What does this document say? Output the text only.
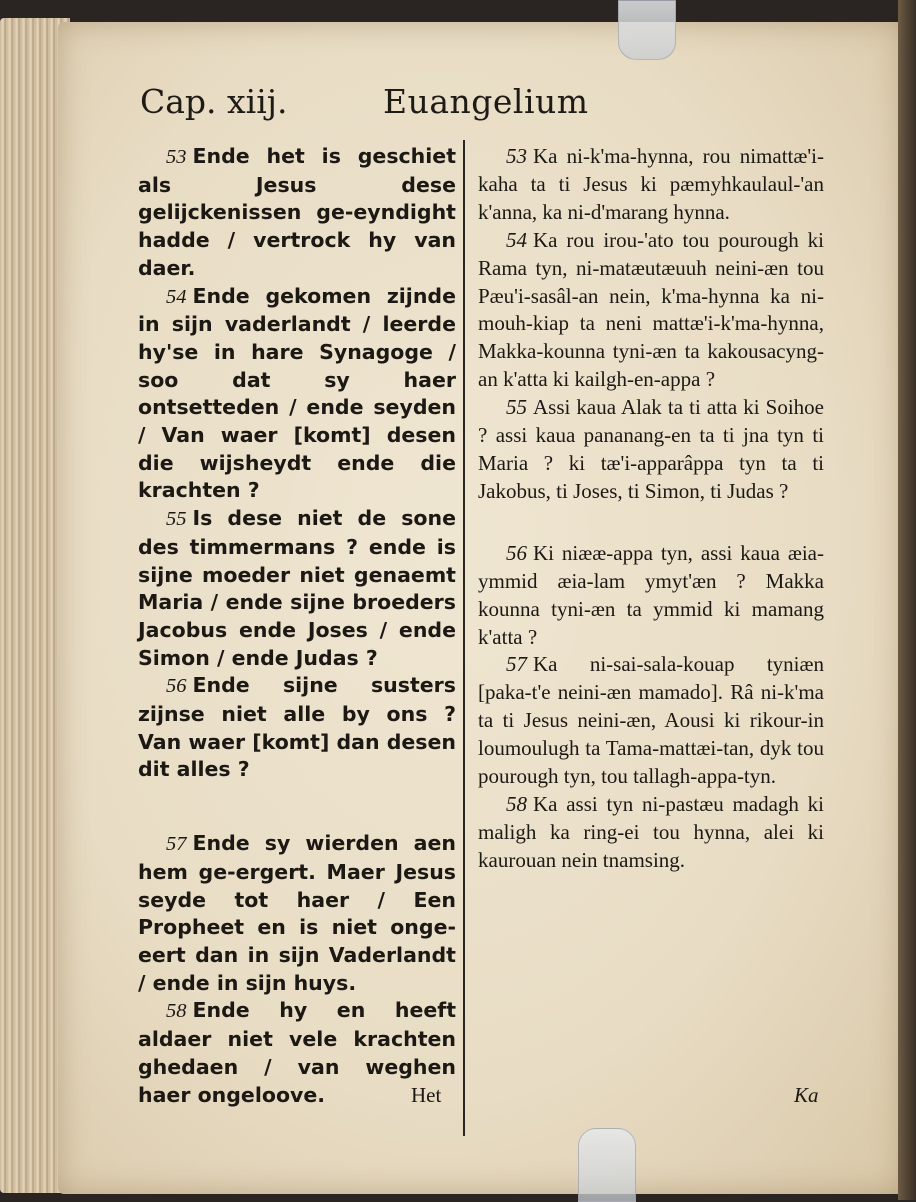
Cap. xiij.	Euangelium

53 Ende het is geschiet als Jesus dese gelijckenissen ge-eyndight hadde / vertrock hy van daer.

54 Ende gekomen zijnde in sijn vaderlandt / leerde hy'se in hare Synagoge / soo dat sy haer ontsetteden / ende seyden / Van waer [komt] desen die wijsheydt ende die krachten ?

55 Is dese niet de sone des timmermans ? ende is sijne moeder niet genaemt Maria / ende sijne broeders Jacobus ende Joses / ende Simon / ende Judas ?

56 Ende sijne susters zijnse niet alle by ons ? Van waer [komt] dan desen dit alles ?

57 Ende sy wierden aen hem ge-ergert. Maer Jesus seyde tot haer / Een Propheet en is niet onge-eert dan in sijn Vaderlandt / ende in sijn huys.

58 Ende hy en heeft aldaer niet vele krachten ghedaen / van weghen haer ongeloove.

53 Ka ni-k'ma-hynna, rou nimattæ'i-kaha ta ti Jesus ki pæmyhkaulaul-'an k'anna, ka ni-d'marang hynna.

54 Ka rou irou-'ato tou pourough ki Rama tyn, ni-matæutæuuh neini-æn tou Pæu'i-sasâl-an nein, k'ma-hynna ka ni-mouh-kiap ta neni mattæ'i-k'ma-hynna, Makka-kounna tyni-æn ta kakousacyng-an k'atta ki kailgh-en-appa ?

55 Assi kaua Alak ta ti atta ki Soihoe ? assi kaua pananang-en ta ti jna tyn ti Maria ? ki tæ'i-apparâppa tyn ta ti Jakobus, ti Joses, ti Simon, ti Judas ?

56 Ki niææ-appa tyn, assi kaua æia-ymmid æia-lam ymyt'æn ? Makka kounna tyni-æn ta ymmid ki mamang k'atta ?

57 Ka ni-sai-sala-kouap tyniæn [paka-t'e neini-æn mamado]. Râ ni-k'ma ta ti Jesus neini-æn, Aousi ki rikour-in loumoulugh ta Tama-mattæi-tan, dyk tou pourough tyn, tou tallagh-appa-tyn.

58 Ka assi tyn ni-pastæu madagh ki maligh ka ring-ei tou hynna, alei ki kaurouan nein tnamsing.

Het	Ka
